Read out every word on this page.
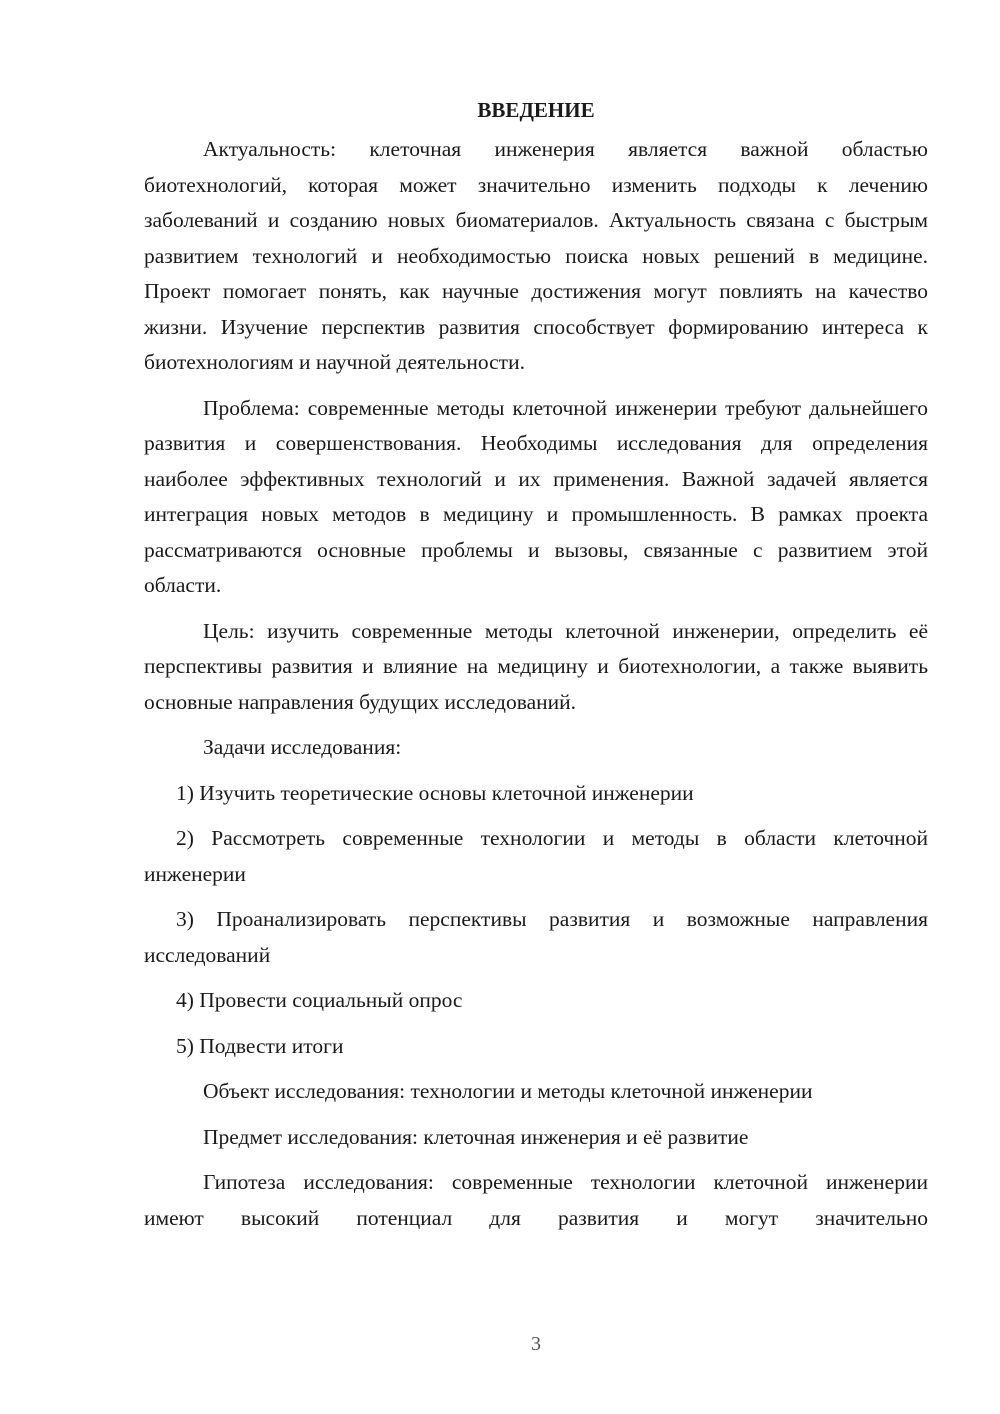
ВВЕДЕНИЕ

Актуальность: клеточная инженерия является важной областью биотехнологий, которая может значительно изменить подходы к лечению заболеваний и созданию новых биоматериалов. Актуальность связана с быстрым развитием технологий и необходимостью поиска новых решений в медицине. Проект помогает понять, как научные достижения могут повлиять на качество жизни. Изучение перспектив развития способствует формированию интереса к биотехнологиям и научной деятельности.

Проблема: современные методы клеточной инженерии требуют дальнейшего развития и совершенствования. Необходимы исследования для определения наиболее эффективных технологий и их применения. Важной задачей является интеграция новых методов в медицину и промышленность. В рамках проекта рассматриваются основные проблемы и вызовы, связанные с развитием этой области.

Цель: изучить современные методы клеточной инженерии, определить её перспективы развития и влияние на медицину и биотехнологии, а также выявить основные направления будущих исследований.

Задачи исследования:

1) Изучить теоретические основы клеточной инженерии

2) Рассмотреть современные технологии и методы в области клеточной инженерии

3) Проанализировать перспективы развития и возможные направления исследований

4) Провести социальный опрос

5) Подвести итоги

Объект исследования: технологии и методы клеточной инженерии

Предмет исследования: клеточная инженерия и её развитие

Гипотеза исследования: современные технологии клеточной инженерии имеют высокий потенциал для развития и могут значительно

3
